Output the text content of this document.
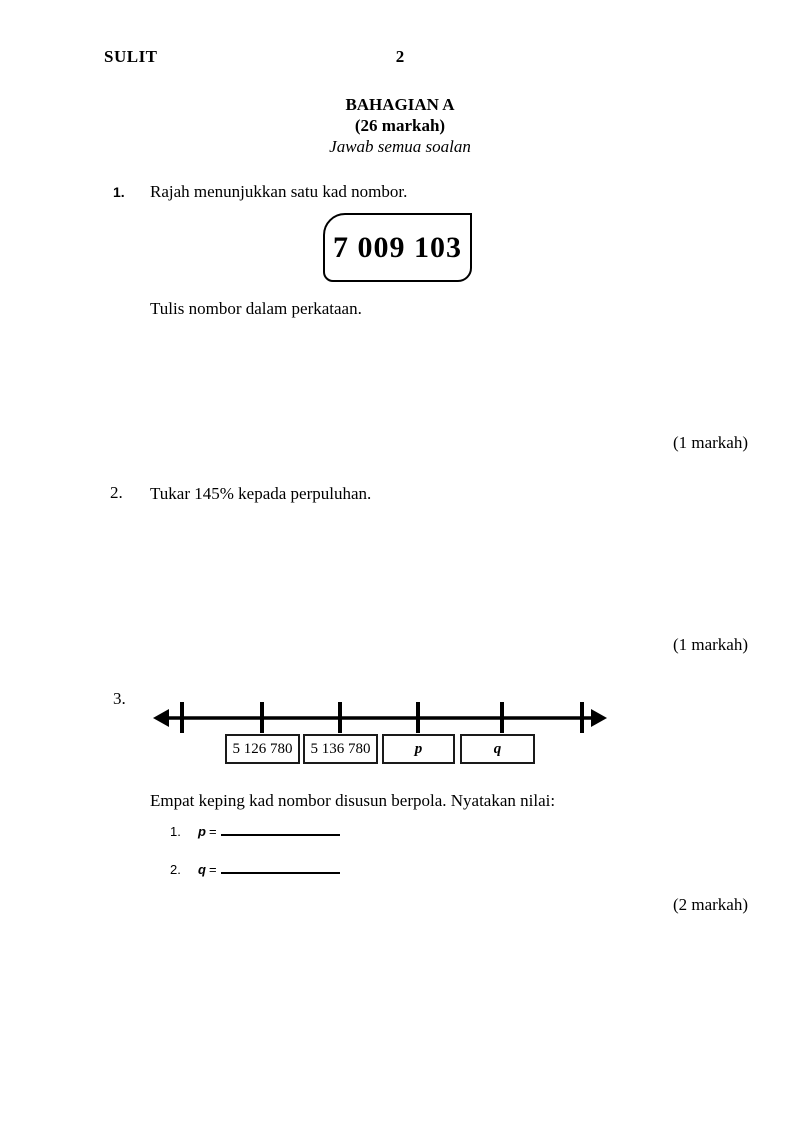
SULIT	2
BAHAGIAN A
(26 markah)
Jawab semua soalan
1. Rajah menunjukkan satu kad nombor.
7 009 103
Tulis nombor dalam perkataan.
(1 markah)
2. Tukar 145% kepada perpuluhan.
(1 markah)
3.
5 126 780 5 136 780	p	q
Empat keping kad nombor disusun berpola. Nyatakan nilai:
1. p =
2. q =
(2 markah)
